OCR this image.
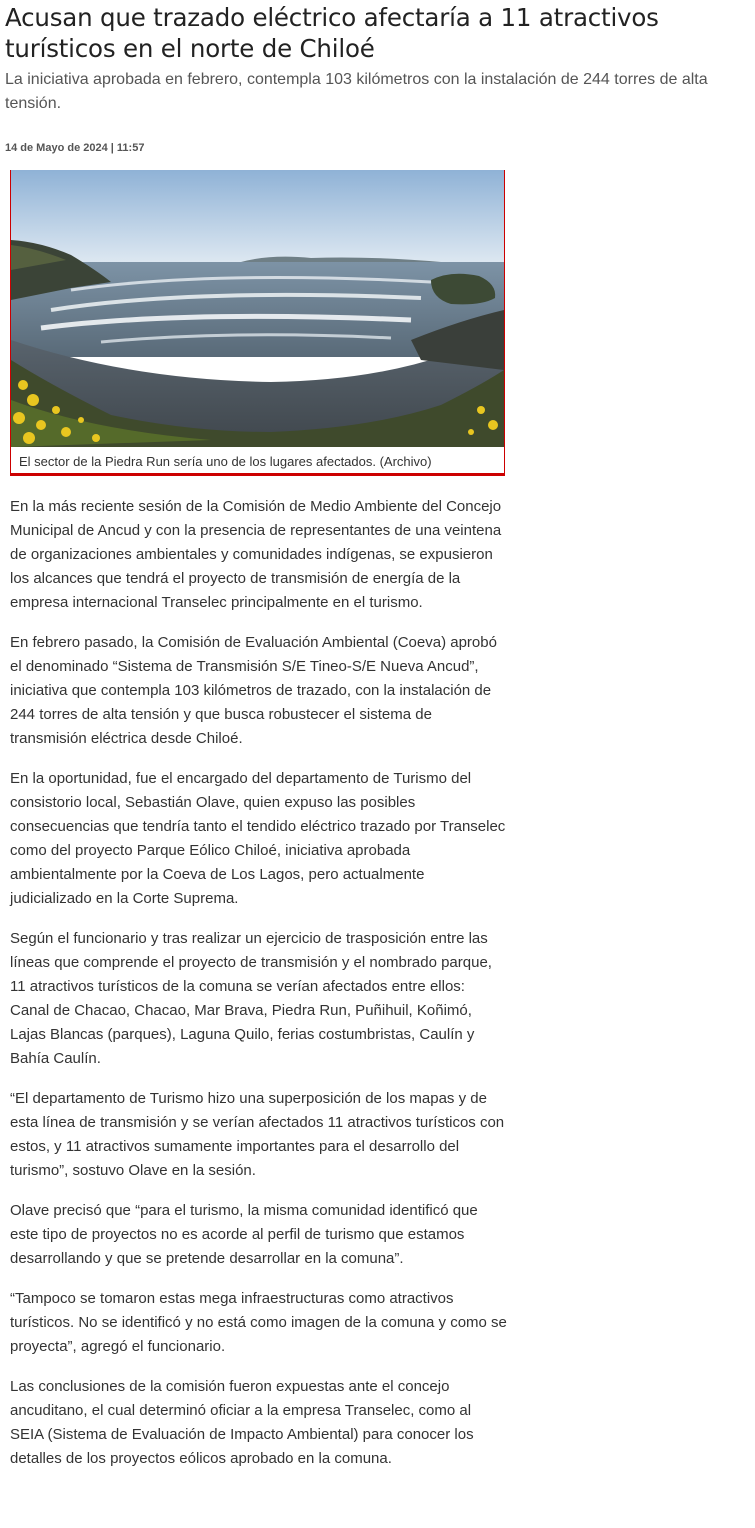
Acusan que trazado eléctrico afectaría a 11 atractivos turísticos en el norte de Chiloé

La iniciativa aprobada en febrero, contempla 103 kilómetros con la instalación de 244 torres de alta tensión.

14 de Mayo de 2024 | 11:57
El sector de la Piedra Run sería uno de los lugares afectados. (Archivo)

En la más reciente sesión de la Comisión de Medio Ambiente del Concejo Municipal de Ancud y con la presencia de representantes de una veintena de organizaciones ambientales y comunidades indígenas, se expusieron los alcances que tendrá el proyecto de transmisión de energía de la empresa internacional Transelec principalmente en el turismo.

En febrero pasado, la Comisión de Evaluación Ambiental (Coeva) aprobó el denominado “Sistema de Transmisión S/E Tineo-S/E Nueva Ancud”, iniciativa que contempla 103 kilómetros de trazado, con la instalación de 244 torres de alta tensión y que busca robustecer el sistema de transmisión eléctrica desde Chiloé.

En la oportunidad, fue el encargado del departamento de Turismo del consistorio local, Sebastián Olave, quien expuso las posibles consecuencias que tendría tanto el tendido eléctrico trazado por Transelec como del proyecto Parque Eólico Chiloé, iniciativa aprobada ambientalmente por la Coeva de Los Lagos, pero actualmente judicializado en la Corte Suprema.

Según el funcionario y tras realizar un ejercicio de trasposición entre las líneas que comprende el proyecto de transmisión y el nombrado parque, 11 atractivos turísticos de la comuna se verían afectados entre ellos: Canal de Chacao, Chacao, Mar Brava, Piedra Run, Puñihuil, Koñimó, Lajas Blancas (parques), Laguna Quilo, ferias costumbristas, Caulín y Bahía Caulín.

“El departamento de Turismo hizo una superposición de los mapas y de esta línea de transmisión y se verían afectados 11 atractivos turísticos con estos, y 11 atractivos sumamente importantes para el desarrollo del turismo”, sostuvo Olave en la sesión.

Olave precisó que “para el turismo, la misma comunidad identificó que este tipo de proyectos no es acorde al perfil de turismo que estamos desarrollando y que se pretende desarrollar en la comuna”.

“Tampoco se tomaron estas mega infraestructuras como atractivos turísticos. No se identificó y no está como imagen de la comuna y como se proyecta”, agregó el funcionario.

Las conclusiones de la comisión fueron expuestas ante el concejo ancuditano, el cual determinó oficiar a la empresa Transelec, como al SEIA (Sistema de Evaluación de Impacto Ambiental) para conocer los detalles de los proyectos eólicos aprobado en la comuna.
